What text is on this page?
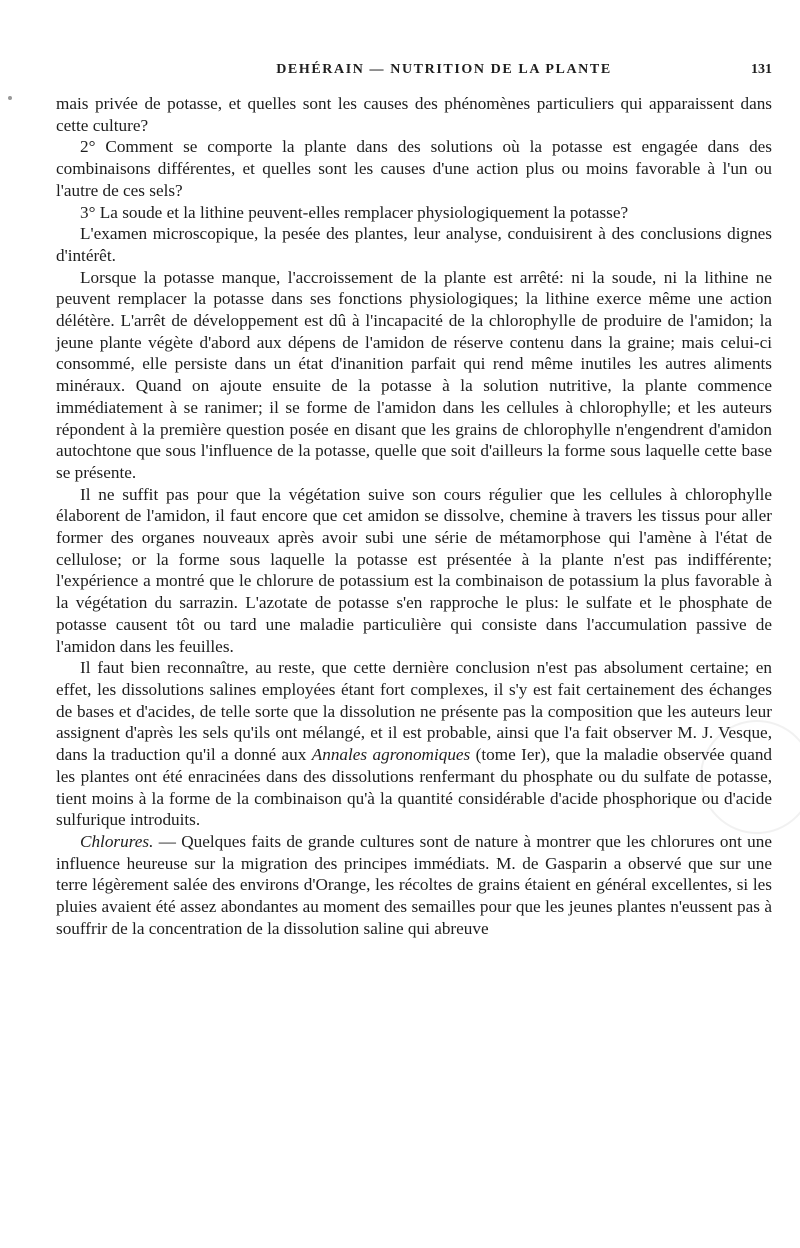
DEHÉRAIN — NUTRITION DE LA PLANTE	131

mais privée de potasse, et quelles sont les causes des phénomènes particuliers qui apparaissent dans cette culture?

2° Comment se comporte la plante dans des solutions où la potasse est engagée dans des combinaisons différentes, et quelles sont les causes d'une action plus ou moins favorable à l'un ou l'autre de ces sels?

3° La soude et la lithine peuvent-elles remplacer physiologiquement la potasse?

L'examen microscopique, la pesée des plantes, leur analyse, conduisirent à des conclusions dignes d'intérêt.

Lorsque la potasse manque, l'accroissement de la plante est arrêté: ni la soude, ni la lithine ne peuvent remplacer la potasse dans ses fonctions physiologiques; la lithine exerce même une action délétère. L'arrêt de développement est dû à l'incapacité de la chlorophylle de produire de l'amidon; la jeune plante végète d'abord aux dépens de l'amidon de réserve contenu dans la graine; mais celui-ci consommé, elle persiste dans un état d'inanition parfait qui rend même inutiles les autres aliments minéraux. Quand on ajoute ensuite de la potasse à la solution nutritive, la plante commence immédiatement à se ranimer; il se forme de l'amidon dans les cellules à chlorophylle; et les auteurs répondent à la première question posée en disant que les grains de chlorophylle n'engendrent d'amidon autochtone que sous l'influence de la potasse, quelle que soit d'ailleurs la forme sous laquelle cette base se présente.

Il ne suffit pas pour que la végétation suive son cours régulier que les cellules à chlorophylle élaborent de l'amidon, il faut encore que cet amidon se dissolve, chemine à travers les tissus pour aller former des organes nouveaux après avoir subi une série de métamorphose qui l'amène à l'état de cellulose; or la forme sous laquelle la potasse est présentée à la plante n'est pas indifférente; l'expérience a montré que le chlorure de potassium est la combinaison de potassium la plus favorable à la végétation du sarrazin. L'azotate de potasse s'en rapproche le plus: le sulfate et le phosphate de potasse causent tôt ou tard une maladie particulière qui consiste dans l'accumulation passive de l'amidon dans les feuilles.

Il faut bien reconnaître, au reste, que cette dernière conclusion n'est pas absolument certaine; en effet, les dissolutions salines employées étant fort complexes, il s'y est fait certainement des échanges de bases et d'acides, de telle sorte que la dissolution ne présente pas la composition que les auteurs leur assignent d'après les sels qu'ils ont mélangé, et il est probable, ainsi que l'a fait observer M. J. Vesque, dans la traduction qu'il a donné aux Annales agronomiques (tome Ier), que la maladie observée quand les plantes ont été enracinées dans des dissolutions renfermant du phosphate ou du sulfate de potasse, tient moins à la forme de la combinaison qu'à la quantité considérable d'acide phosphorique ou d'acide sulfurique introduits.

Chlorures. — Quelques faits de grande cultures sont de nature à montrer que les chlorures ont une influence heureuse sur la migration des principes immédiats. M. de Gasparin a observé que sur une terre légèrement salée des environs d'Orange, les récoltes de grains étaient en général excellentes, si les pluies avaient été assez abondantes au moment des semailles pour que les jeunes plantes n'eussent pas à souffrir de la concentration de la dissolution saline qui abreuve
